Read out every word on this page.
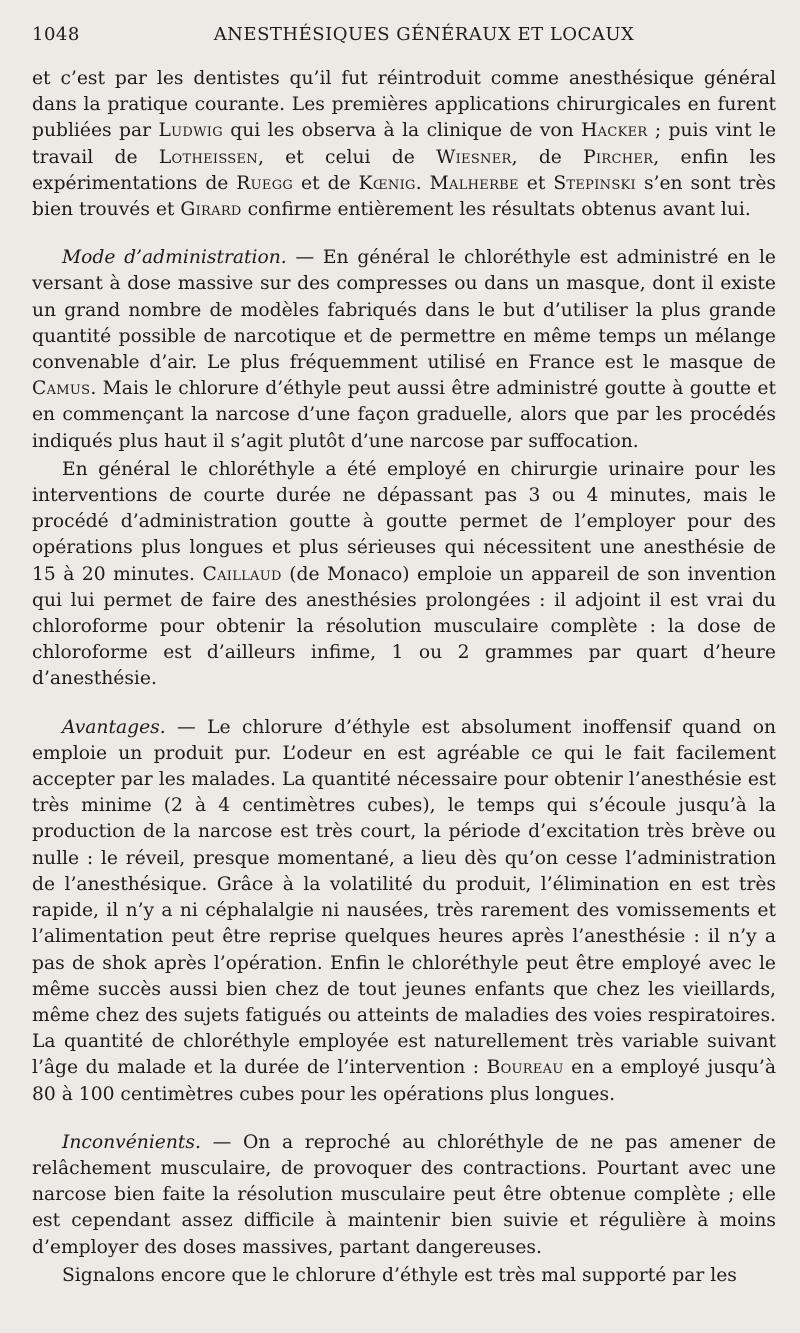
1048	ANESTHÉSIQUES GÉNÉRAUX ET LOCAUX

et c’est par les dentistes qu’il fut réintroduit comme anesthésique général dans la pratique courante. Les premières applications chirurgicales en furent publiées par Ludwig qui les observa à la clinique de von Hacker ; puis vint le travail de Lotheissen, et celui de Wiesner, de Pircher, enfin les expérimentations de Ruegg et de Kœnig. Malherbe et Stepinski s’en sont très bien trouvés et Girard confirme entièrement les résultats obtenus avant lui.

Mode d’administration. — En général le chloréthyle est administré en le versant à dose massive sur des compresses ou dans un masque, dont il existe un grand nombre de modèles fabriqués dans le but d’utiliser la plus grande quantité possible de narcotique et de permettre en même temps un mélange convenable d’air. Le plus fréquemment utilisé en France est le masque de Camus. Mais le chlorure d’éthyle peut aussi être administré goutte à goutte et en commençant la narcose d’une façon graduelle, alors que par les procédés indiqués plus haut il s’agit plutôt d’une narcose par suffocation.

En général le chloréthyle a été employé en chirurgie urinaire pour les interventions de courte durée ne dépassant pas 3 ou 4 minutes, mais le procédé d’administration goutte à goutte permet de l’employer pour des opérations plus longues et plus sérieuses qui nécessitent une anesthésie de 15 à 20 minutes. Caillaud (de Monaco) emploie un appareil de son invention qui lui permet de faire des anesthésies prolongées : il adjoint il est vrai du chloroforme pour obtenir la résolution musculaire complète : la dose de chloroforme est d’ailleurs infime, 1 ou 2 grammes par quart d’heure d’anesthésie.

Avantages. — Le chlorure d’éthyle est absolument inoffensif quand on emploie un produit pur. L’odeur en est agréable ce qui le fait facilement accepter par les malades. La quantité nécessaire pour obtenir l’anesthésie est très minime (2 à 4 centimètres cubes), le temps qui s’écoule jusqu’à la production de la narcose est très court, la période d’excitation très brève ou nulle : le réveil, presque momentané, a lieu dès qu’on cesse l’administration de l’anesthésique. Grâce à la volatilité du produit, l’élimination en est très rapide, il n’y a ni céphalalgie ni nausées, très rarement des vomissements et l’alimentation peut être reprise quelques heures après l’anesthésie : il n’y a pas de shok après l’opération. Enfin le chloréthyle peut être employé avec le même succès aussi bien chez de tout jeunes enfants que chez les vieillards, même chez des sujets fatigués ou atteints de maladies des voies respiratoires. La quantité de chloréthyle employée est naturellement très variable suivant l’âge du malade et la durée de l’intervention : Boureau en a employé jusqu’à 80 à 100 centimètres cubes pour les opérations plus longues.

Inconvénients. — On a reproché au chloréthyle de ne pas amener de relâchement musculaire, de provoquer des contractions. Pourtant avec une narcose bien faite la résolution musculaire peut être obtenue complète ; elle est cependant assez difficile à maintenir bien suivie et régulière à moins d’employer des doses massives, partant dangereuses.

Signalons encore que le chlorure d’éthyle est très mal supporté par les
